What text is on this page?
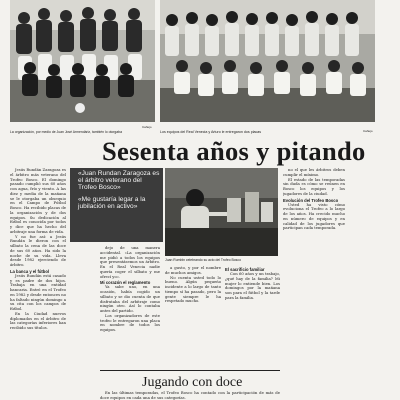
Cañejo
La organización, por medio de Juan José Armendáriz, también lo otorgaba	Los equipos del Real Venecia y Arturo le entregaron dos placas	Cañejo
Sesenta años y pitando

Jesús Rundán Zaragoza es el árbitro más veterano del Trofeo Bosco. El domingo pasado cumplió sus 60 años con agua, frío y viento. A las diez y media de la mañana se le otorgaba un obsequio en el Campo de Fútbol Bosco. Ha recibido placas de la organización y de dos equipos. Su dedicación al fútbol es conocida por todos y dice que ha hecho del arbitraje una forma de vida.

Y no fue así: a Jesús Rundán le dieron con el silbato la cena de las doce de sus 60 años. Ha sido la noche de su vida. Lleva desde 1982 ejerciendo de árbitro.

La banca y el fútbol

Jesús Rundán está casado y es padre de dos hijos. Trabaja en una entidad bancaria. Entró en el Trofeo en 1982 y desde entonces no ha faltado ningún domingo a su cita con los campos de fútbol.

En la Ciudad nuevos diplomados en el árbitro de las categorías inferiores han recibido sus títulos.

«Juan Rundan Zaragoza es el árbitro veterano del Trofeo Bosco»
«Me gustaría legar a la jubilación en activo»
Juan Rumbln celebrando su acto del Trofeo Bosco

dejo de una manera accidental. «La organización me pidió a todos los equipos que presentásemos un árbitro. En el Real Venecia nadie quería coger el silbato y me ofrecí yo».

Mi corazón el reglamento

Ya sabe uno, en una ocasión, había cogido un silbato y se dio cuenta de que disfrutaba del arbitraje como ningún otro. Así lo contaba antes del partido.

Los organizadores de este trofeo le entregaron una placa en nombre de todos los equipos.

a gusto, y por el nombre de muchos amigos.

No cuenta usted todo lo bueno. Algún pequeño incidente a lo largo de tanto tiempo sí ha pasado, pero la gente siempre le ha respetado mucho.

El sacrificio familiar

Con 60 años y un trabajo, ¿qué hay de la familia? Mi mujer lo entiende bien. Los domingos por la mañana son para el fútbol y la tarde para la familia.

no el que les árbitros deben cumplir el mínimo.

El estado de las temporadas sin duda es cómo se reúnen en Bosco los equipos y los jugadores de la ciudad.

Evolución del Trofeo Bosco

Usted ha visto cómo evoluciona el Trofeo a lo largo de los años. Ha crecido mucho en número de equipos y en calidad de los jugadores que participan cada temporada.

Jugando con doce

En las últimas temporadas, el Trofeo Bosco ha contado con la participación de más de doce equipos en cada una de sus categorías.
